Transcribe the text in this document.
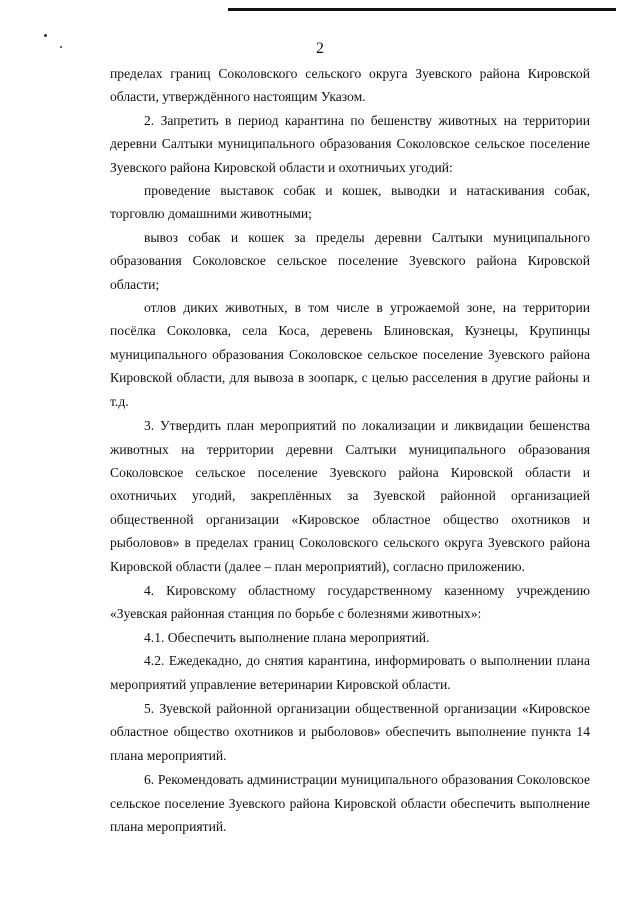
2

пределах границ Соколовского сельского округа Зуевского района Кировской области, утверждённого настоящим Указом.

2. Запретить в период карантина по бешенству животных на территории деревни Салтыки муниципального образования Соколовское сельское поселение Зуевского района Кировской области и охотничьих угодий:

проведение выставок собак и кошек, выводки и натаскивания собак, торговлю домашними животными;

вывоз собак и кошек за пределы деревни Салтыки муниципального образования Соколовское сельское поселение Зуевского района Кировской области;

отлов диких животных, в том числе в угрожаемой зоне, на территории посёлка Соколовка, села Коса, деревень Блиновская, Кузнецы, Крупинцы муниципального образования Соколовское сельское поселение Зуевского района Кировской области, для вывоза в зоопарк, с целью расселения в другие районы и т.д.

3. Утвердить план мероприятий по локализации и ликвидации бешенства животных на территории деревни Салтыки муниципального образования Соколовское сельское поселение Зуевского района Кировской области и охотничьих угодий, закреплённых за Зуевской районной организацией общественной организации «Кировское областное общество охотников и рыболовов» в пределах границ Соколовского сельского округа Зуевского района Кировской области (далее – план мероприятий), согласно приложению.

4. Кировскому областному государственному казенному учреждению «Зуевская районная станция по борьбе с болезнями животных»:

4.1. Обеспечить выполнение плана мероприятий.

4.2. Ежедекадно, до снятия карантина, информировать о выполнении плана мероприятий управление ветеринарии Кировской области.

5. Зуевской районной организации общественной организации «Кировское областное общество охотников и рыболовов» обеспечить выполнение пункта 14 плана мероприятий.

6. Рекомендовать администрации муниципального образования Соколовское сельское поселение Зуевского района Кировской области обеспечить выполнение плана мероприятий.
